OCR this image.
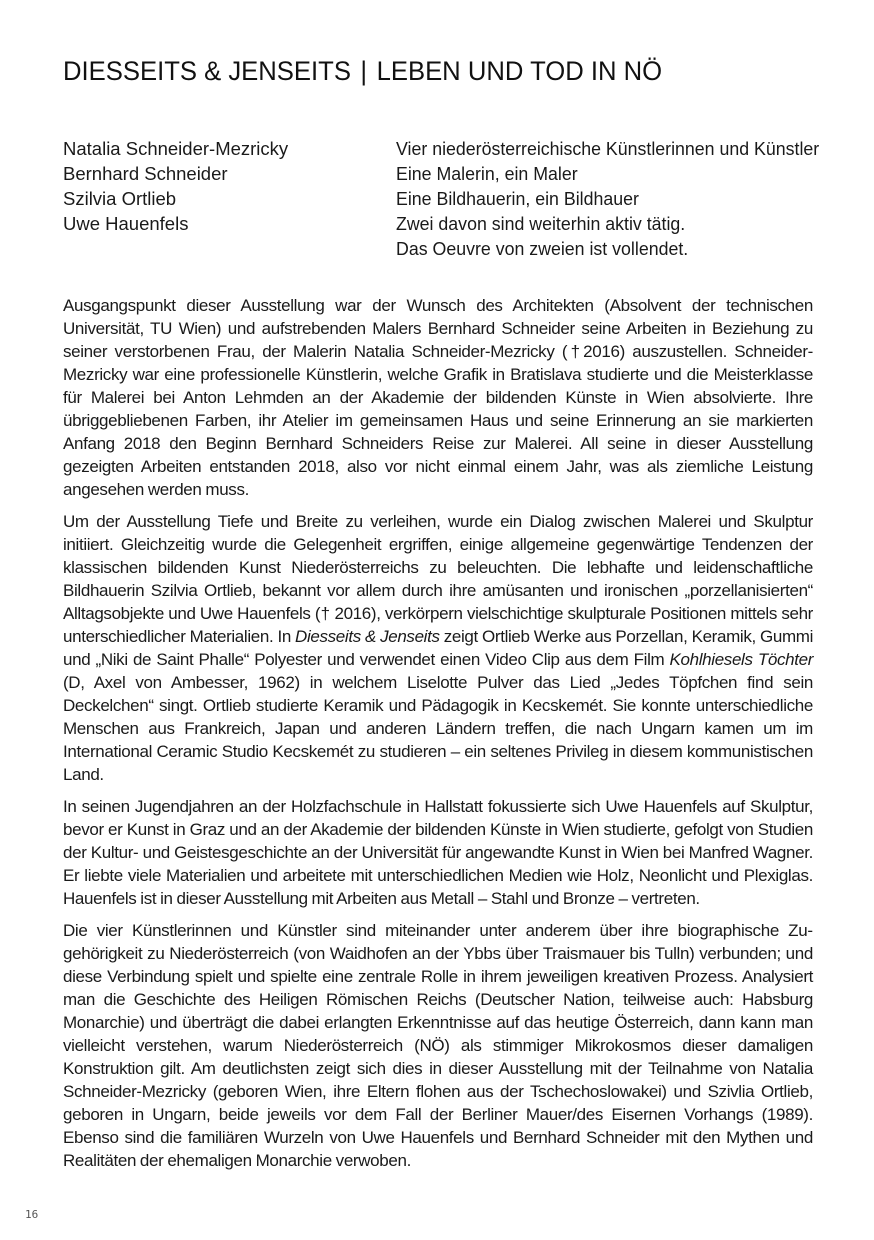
DIESSEITS & JENSEITS | LEBEN UND TOD IN NÖ
Natalia Schneider-Mezricky
Bernhard Schneider
Szilvia Ortlieb
Uwe Hauenfels
Vier niederösterreichische Künstlerinnen und Künstler
Eine Malerin, ein Maler
Eine Bildhauerin, ein Bildhauer
Zwei davon sind weiterhin aktiv tätig.
Das Oeuvre von zweien ist vollendet.

Ausgangspunkt dieser Ausstellung war der Wunsch des Architekten (Absolvent der technischen Universität, TU Wien) und aufstrebenden Malers Bernhard Schneider seine Arbeiten in Beziehung zu seiner verstorbenen Frau, der Malerin Natalia Schneider-Mezricky (†2016) auszustellen. Schneider-Mezricky war eine professionelle Künstlerin, welche Grafik in Bratislava studierte und die Meisterklasse für Malerei bei Anton Lehmden an der Akademie der bildenden Künste in Wien absolvierte. Ihre übriggebliebenen Farben, ihr Atelier im gemeinsamen Haus und seine Erinnerung an sie markierten Anfang 2018 den Beginn Bernhard Schneiders Reise zur Malerei. All seine in dieser Ausstellung gezeigten Arbeiten entstanden 2018, also vor nicht einmal einem Jahr, was als ziemliche Leistung angesehen werden muss.

Um der Ausstellung Tiefe und Breite zu verleihen, wurde ein Dialog zwischen Malerei und Skulptur initiiert. Gleichzeitig wurde die Gelegenheit ergriffen, einige allgemeine gegenwärtige Tendenzen der klassischen bildenden Kunst Niederösterreichs zu beleuchten. Die lebhafte und leidenschaftliche Bildhauerin Szilvia Ortlieb, bekannt vor allem durch ihre amüsanten und ironischen „porzellanisierten“ Alltagsobjekte und Uwe Hauenfels († 2016), verkörpern vielschichtige skulpturale Positionen mittels sehr unterschiedlicher Materialien. In Diesseits & Jenseits zeigt Ortlieb Werke aus Porzellan, Keramik, Gummi und „Niki de Saint Phalle“ Polyester und verwendet einen Video Clip aus dem Film Kohlhiesels Töchter (D, Axel von Ambesser, 1962) in welchem Liselotte Pulver das Lied „Jedes Töpfchen find sein Deckelchen“ singt. Ortlieb studierte Keramik und Pädagogik in Kecskemét. Sie konnte unterschiedliche Menschen aus Frankreich, Japan und anderen Ländern treffen, die nach Ungarn kamen um im International Ceramic Studio Kecskemét zu studieren – ein seltenes Privileg in diesem kommunistischen Land.

In seinen Jugendjahren an der Holzfachschule in Hallstatt fokussierte sich Uwe Hauenfels auf Skulptur, bevor er Kunst in Graz und an der Akademie der bildenden Künste in Wien studierte, gefolgt von Studien der Kultur- und Geistesgeschichte an der Universität für angewandte Kunst in Wien bei Manfred Wagner. Er liebte viele Materialien und arbeitete mit unterschiedlichen Medien wie Holz, Neonlicht und Plexiglas. Hauenfels ist in dieser Ausstellung mit Arbeiten aus Metall – Stahl und Bronze – vertreten.

Die vier Künstlerinnen und Künstler sind miteinander unter anderem über ihre biographische Zugehörigkeit zu Niederösterreich (von Waidhofen an der Ybbs über Traismauer bis Tulln) verbunden; und diese Verbindung spielt und spielte eine zentrale Rolle in ihrem jeweiligen kreativen Prozess. Analysiert man die Geschichte des Heiligen Römischen Reichs (Deutscher Nation, teilweise auch: Habsburg Monarchie) und überträgt die dabei erlangten Erkenntnisse auf das heutige Österreich, dann kann man vielleicht verstehen, warum Niederösterreich (NÖ) als stimmiger Mikrokosmos dieser damaligen Konstruktion gilt. Am deutlichsten zeigt sich dies in dieser Ausstellung mit der Teilnahme von Natalia Schneider-Mezricky (geboren Wien, ihre Eltern flohen aus der Tschechoslowakei) und Szivlia Ortlieb, geboren in Ungarn, beide jeweils vor dem Fall der Berliner Mauer/des Eisernen Vorhangs (1989). Ebenso sind die familiären Wurzeln von Uwe Hauenfels und Bernhard Schneider mit den Mythen und Realitäten der ehemaligen Monarchie verwoben.

16
